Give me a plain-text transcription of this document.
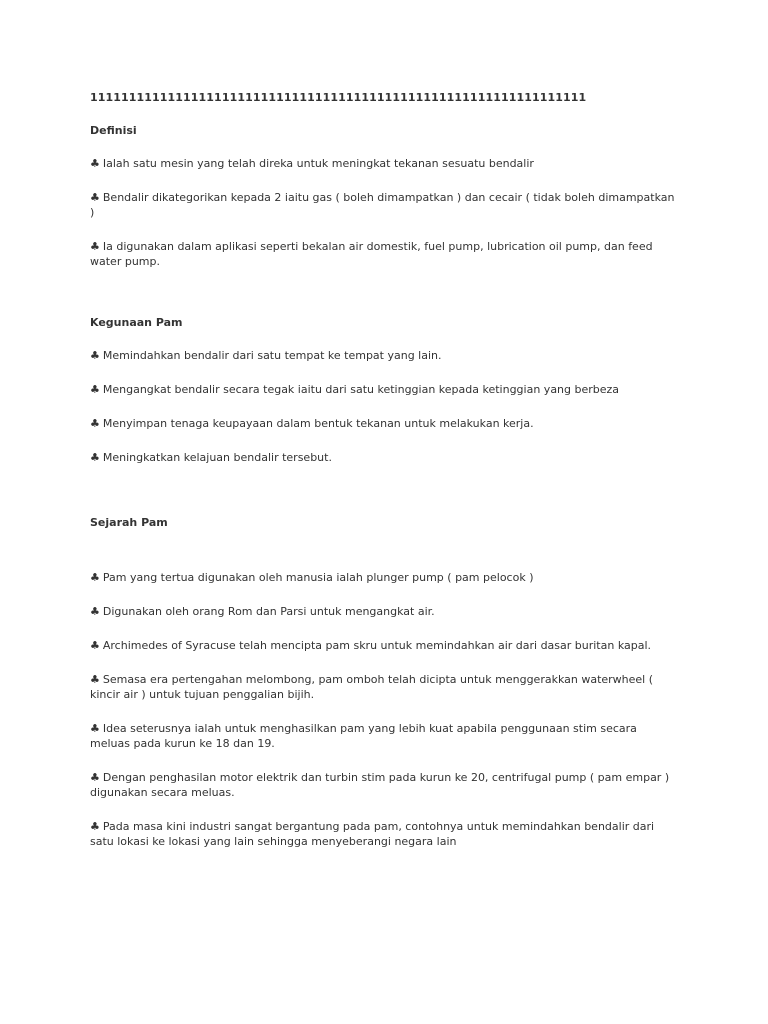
1111111111111111111111111111111111111111111111111111111111111111
Definisi
♣ Ialah satu mesin yang telah direka untuk meningkat tekanan sesuatu bendalir
♣ Bendalir dikategorikan kepada 2 iaitu gas ( boleh dimampatkan ) dan cecair ( tidak boleh dimampatkan )
♣ Ia digunakan dalam aplikasi seperti bekalan air domestik, fuel pump, lubrication oil pump, dan feed water pump.
Kegunaan Pam
♣ Memindahkan bendalir dari satu tempat ke tempat yang lain.
♣ Mengangkat bendalir secara tegak iaitu dari satu ketinggian kepada ketinggian yang berbeza
♣ Menyimpan tenaga keupayaan dalam bentuk tekanan untuk melakukan kerja.
♣ Meningkatkan kelajuan bendalir tersebut.
Sejarah Pam
♣ Pam yang tertua digunakan oleh manusia ialah plunger pump ( pam pelocok )
♣ Digunakan oleh orang Rom dan Parsi untuk mengangkat air.
♣ Archimedes of Syracuse telah mencipta pam skru untuk memindahkan air dari dasar buritan kapal.
♣ Semasa era pertengahan melombong, pam omboh telah dicipta untuk menggerakkan waterwheel ( kincir air ) untuk tujuan penggalian bijih.
♣ Idea seterusnya ialah untuk menghasilkan pam yang lebih kuat apabila penggunaan stim secara meluas pada kurun ke 18 dan 19.
♣ Dengan penghasilan motor elektrik dan turbin stim pada kurun ke 20, centrifugal pump ( pam empar ) digunakan secara meluas.
♣ Pada masa kini industri sangat bergantung pada pam, contohnya untuk memindahkan bendalir dari satu lokasi ke lokasi yang lain sehingga menyeberangi negara lain
